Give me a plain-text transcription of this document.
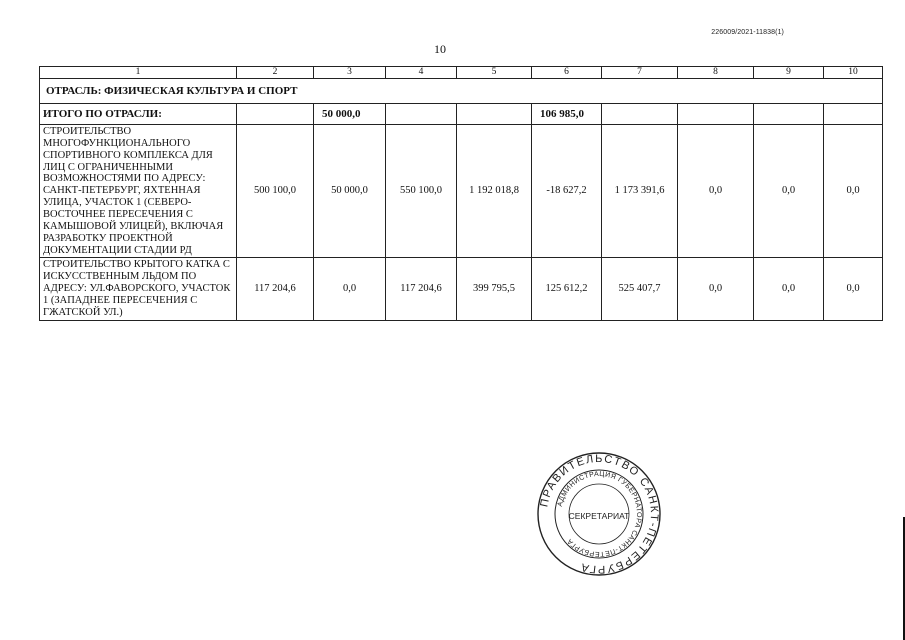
226009/2021-11838(1)
10
1	2	3	4	5	6	7	8	9	10
ОТРАСЛЬ: ФИЗИЧЕСКАЯ КУЛЬТУРА И СПОРТ									
ИТОГО ПО ОТРАСЛИ:		50 000,0			106 985,0				
СТРОИТЕЛЬСТВО МНОГОФУНКЦИОНАЛЬНОГО СПОРТИВНОГО КОМПЛЕКСА ДЛЯ ЛИЦ С ОГРАНИЧЕННЫМИ ВОЗМОЖНОСТЯМИ ПО АДРЕСУ: САНКТ-ПЕТЕРБУРГ, ЯХТЕННАЯ УЛИЦА, УЧАСТОК 1 (СЕВЕРО-ВОСТОЧНЕЕ ПЕРЕСЕЧЕНИЯ С КАМЫШОВОЙ УЛИЦЕЙ), ВКЛЮЧАЯ РАЗРАБОТКУ ПРОЕКТНОЙ ДОКУМЕНТАЦИИ СТАДИИ РД	500 100,0	50 000,0	550 100,0	1 192 018,8	-18 627,2	1 173 391,6	0,0	0,0	0,0
СТРОИТЕЛЬСТВО КРЫТОГО КАТКА С ИСКУССТВЕННЫМ ЛЬДОМ ПО АДРЕСУ: УЛ.ФАВОРСКОГО, УЧАСТОК 1 (ЗАПАДНЕЕ ПЕРЕСЕЧЕНИЯ С ГЖАТСКОЙ УЛ.)	117 204,6	0,0	117 204,6	399 795,5	125 612,2	525 407,7	0,0	0,0	0,0
ПРАВИТЕЛЬСТВО САНКТ-ПЕТЕРБУРГА
АДМИНИСТРАЦИЯ ГУБЕРНАТОРА САНКТ-ПЕТЕРБУРГА
СЕКРЕТАРИАТ
